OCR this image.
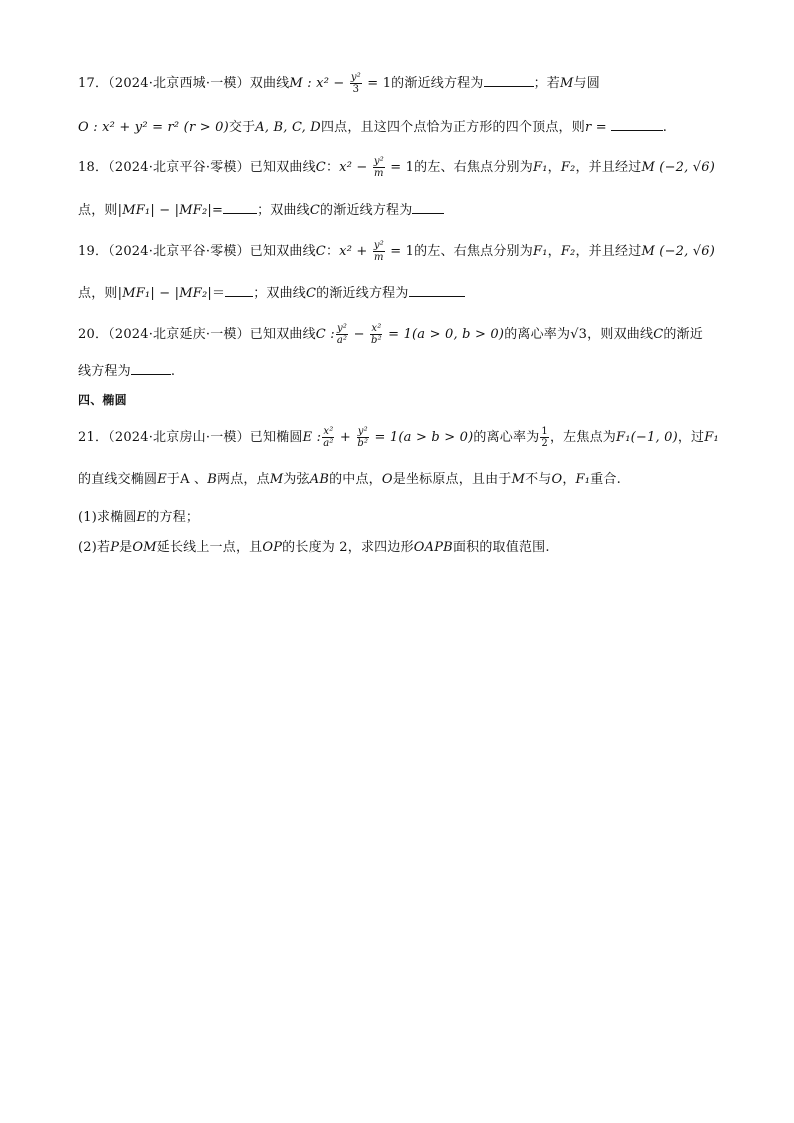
17．（2024·北京西城·一模）双曲线M : $x^2 - \frac{\text{y²}}{3} = 1$的渐近线方程为	；若M与圆
O : x² + y² = r² (r > 0)交于A, B, C, D四点，且这四个点恰为正方形的四个顶点，则r =	.
18．（2024·北京平谷·零模）已知双曲线C：$x^2 - \frac{\text{y²}}{m} = 1$的左、右焦点分别为F₁，F₂，并且经过M (−2, √6)
点，则|MF₁| − |MF₂|=	；双曲线C的渐近线方程为
19．（2024·北京平谷·零模）已知双曲线C：$x^2 + \frac{\text{y²}}{m} = 1$的左、右焦点分别为F₁，F₂，并且经过M (−2, √6)
点，则|MF₁| − |MF₂|＝ ；双曲线C的渐近线方程为
20．（2024·北京延庆·一模）已知双曲线C : $\frac{\text{y²}}{\text{a²}} - \frac{\text{x²}}{\text{b²}} = 1(a > 0$, b > 0)的离心率为√3，则双曲线C的渐近
线方程为	.
四、椭圆
21．（2024·北京房山·一模）已知椭圆E : $\frac{\text{x²}}{\text{a²}} + \frac{\text{y²}}{\text{b²}} = 1(a > b > 0)$的离心率为 $\frac{1}{2}$ ，左焦点为F₁(−1, 0)，过F₁
的直线交椭圆E于A 、B两点，点M为弦AB的中点，O是坐标原点，且由于M不与O，F₁重合.
(1)求椭圆E的方程；
(2)若P是OM延长线上一点，且OP的长度为 2，求四边形OAPB面积的取值范围.
